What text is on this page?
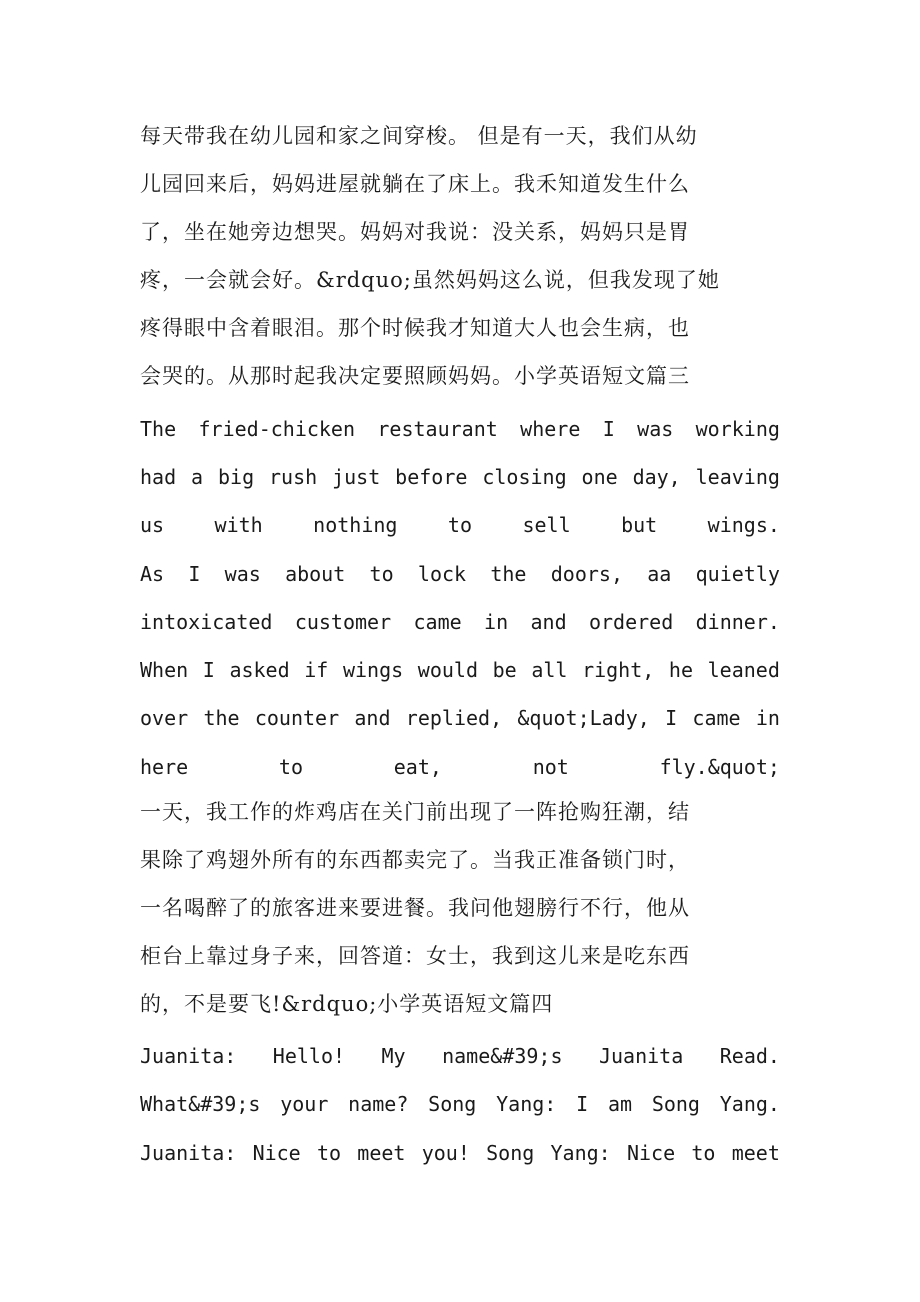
每天带我在幼儿园和家之间穿梭。 但是有一天，我们从幼
儿园回来后，妈妈进屋就躺在了床上。我禾知道发生什么
了，坐在她旁边想哭。妈妈对我说：没关系，妈妈只是胃
疼，一会就会好。&rdquo;虽然妈妈这么说，但我发现了她
疼得眼中含着眼泪。那个时候我才知道大人也会生病，也
会哭的。从那时起我决定要照顾妈妈。小学英语短文篇三
The fried-chicken restaurant where I was working
had a big rush just before closing one day, leaving
us	with	nothing	to	sell	but	wings.
As I was about to lock the doors, aa quietly
intoxicated customer came in and ordered dinner.
When I asked if wings would be all right, he leaned
over the counter and replied, &quot;Lady, I came in
here	to	eat,	not	fly.&quot;
一天，我工作的炸鸡店在关门前出现了一阵抢购狂潮，结
果除了鸡翅外所有的东西都卖完了。当我正准备锁门时，
一名喝醉了的旅客进来要进餐。我问他翅膀行不行，他从
柜台上靠过身子来，回答道：女士，我到这儿来是吃东西
的，不是要飞!&rdquo;小学英语短文篇四
Juanita: Hello! My name&#39;s Juanita Read.
What&#39;s your name? Song Yang: I am Song Yang.
Juanita: Nice to meet you! Song Yang: Nice to meet
